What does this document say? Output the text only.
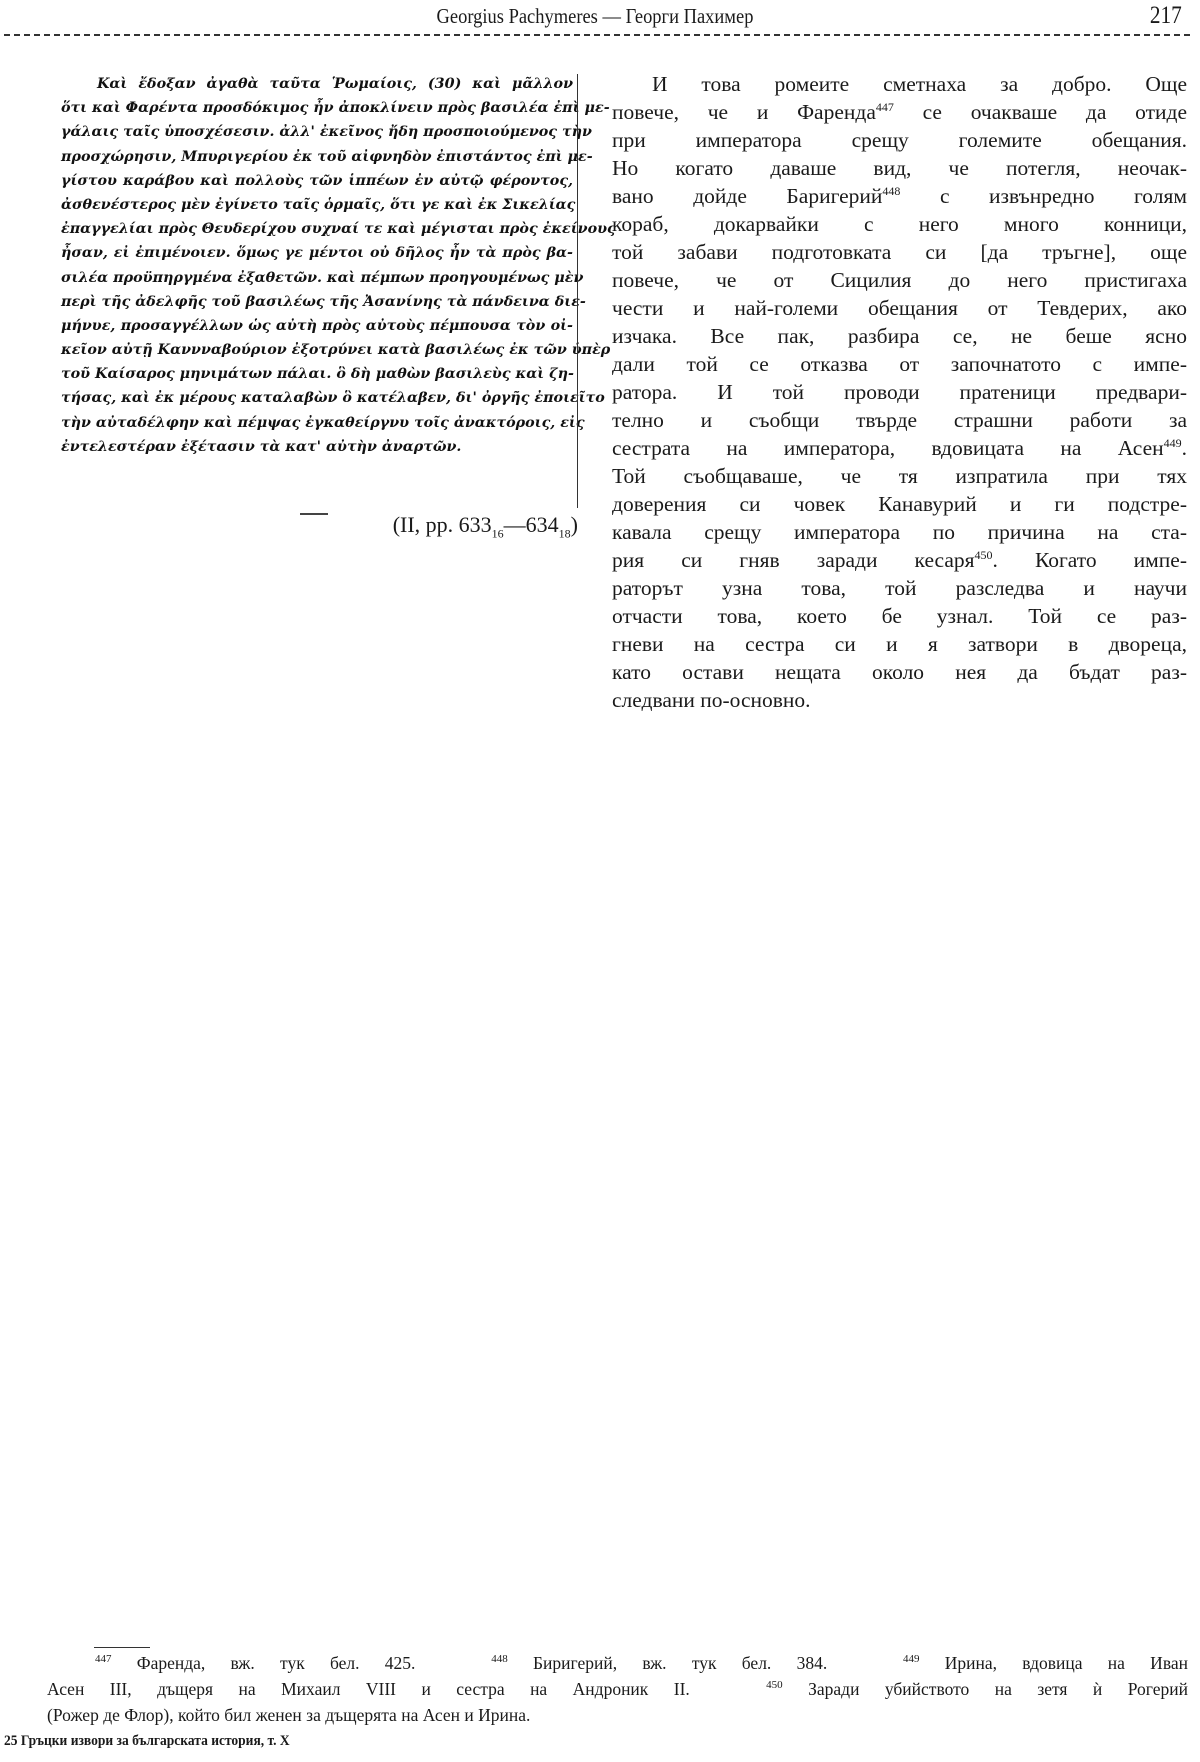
Georgius Pachymeres — Георги Пахимер	217
Καὶ ἔδοξαν ἀγαθὰ ταῦτα Ῥωμαίοις, (30) καὶ μᾶλλον
ὅτι καὶ Φαρέντα προσδόκιμος ἦν ἀποκλίνειν πρὸς βασιλέα ἐπὶ με-
γάλαις ταῖς ὑποσχέσεσιν. ἀλλ' ἐκεῖνος ἤδη προσποιούμενος τὴν
προσχώρησιν, Μπυριγερίου ἐκ τοῦ αἰφνηδὸν ἐπιστάντος ἐπὶ με-
γίστου καράβου καὶ πολλοὺς τῶν ἱππέων ἐν αὐτῷ φέροντος,
ἀσθενέστερος μὲν ἐγίνετο ταῖς ὁρμαῖς, ὅτι γε καὶ ἐκ Σικελίας
ἐπαγγελίαι πρὸς Θευδερίχου συχναί τε καὶ μέγισται πρὸς ἐκείνους
ἦσαν, εἰ ἐπιμένοιεν. ὅμως γε μέντοι οὐ δῆλος ἦν τὰ πρὸς βα-
σιλέα προϋπηργμένα ἐξαθετῶν. καὶ πέμπων προηγουμένως μὲν
περὶ τῆς ἀδελφῆς τοῦ βασιλέως τῆς Ἀσανίνης τὰ πάνδεινα διε-
μήνυε, προσαγγέλλων ὡς αὐτὴ πρὸς αὐτοὺς πέμπουσα τὸν οἰ-
κεῖον αὐτῇ Καννναβούριον ἐξοτρύνει κατὰ βασιλέως ἐκ τῶν ὑπὲρ
τοῦ Καίσαρος μηνιμάτων πάλαι. ὃ δὴ μαθὼν βασιλεὺς καὶ ζη-
τήσας, καὶ ἐκ μέρους καταλαβὼν ὃ κατέλαβεν, δι' ὀργῆς ἐποιεῖτο
τὴν αὐταδέλφην καὶ πέμψας ἐγκαθείργνυ τοῖς ἀνακτόροις, εἰς
ἐντελεστέραν ἐξέτασιν τὰ κατ' αὐτὴν ἀναρτῶν.
(II, pp. $633_{16}—634_{18}$)
И това ромеите сметнаха за добро. Още
повече, че и Фаренда$^{447}$ се очакваше да отиде
при императора срещу големите обещания.
Но когато даваше вид, че потегля, неочак-
вано дойде Баригерий$^{448}$ с извънредно голям
кораб, докарвайки с него много конници,
той забави подготовката си [да тръгне], още
повече, че от Сицилия до него пристигаха
чести и най-големи обещания от Тевдерих, ако
изчака. Все пак, разбира се, не беше ясно
дали той се отказва от започнатото с импе-
ратора. И той проводи пратеници предвари-
телно и съобщи твърде страшни работи за
сестрата на императора, вдовицата на Асен$^{449}$.
Той съобщаваше, че тя изпратила при тях
доверения си човек Канавурий и ги подстре-
кавала срещу императора по причина на ста-
рия си гняв заради кесаря$^{450}$. Когато импе-
раторът узна това, той разследва и научи
отчасти това, което бе узнал. Той се раз-
гневи на сестра си и я затвори в двореца,
като остави нещата около нея да бъдат раз-
следвани по-основно.
$^{447}$ Фаренда, вж. тук бел. 425.   $^{448}$ Биригерий, вж. тук бел. 384.   $^{449}$ Ирина, вдовица на Иван
Асен III, дъщеря на Михаил VIII и сестра на Андроник II.   $^{450}$ Заради убийството на зетя ѝ Рогерий
(Рожер де Флор), който бил женен за дъщерята на Асен и Ирина.
25 Гръцки извори за българската история, т. X
